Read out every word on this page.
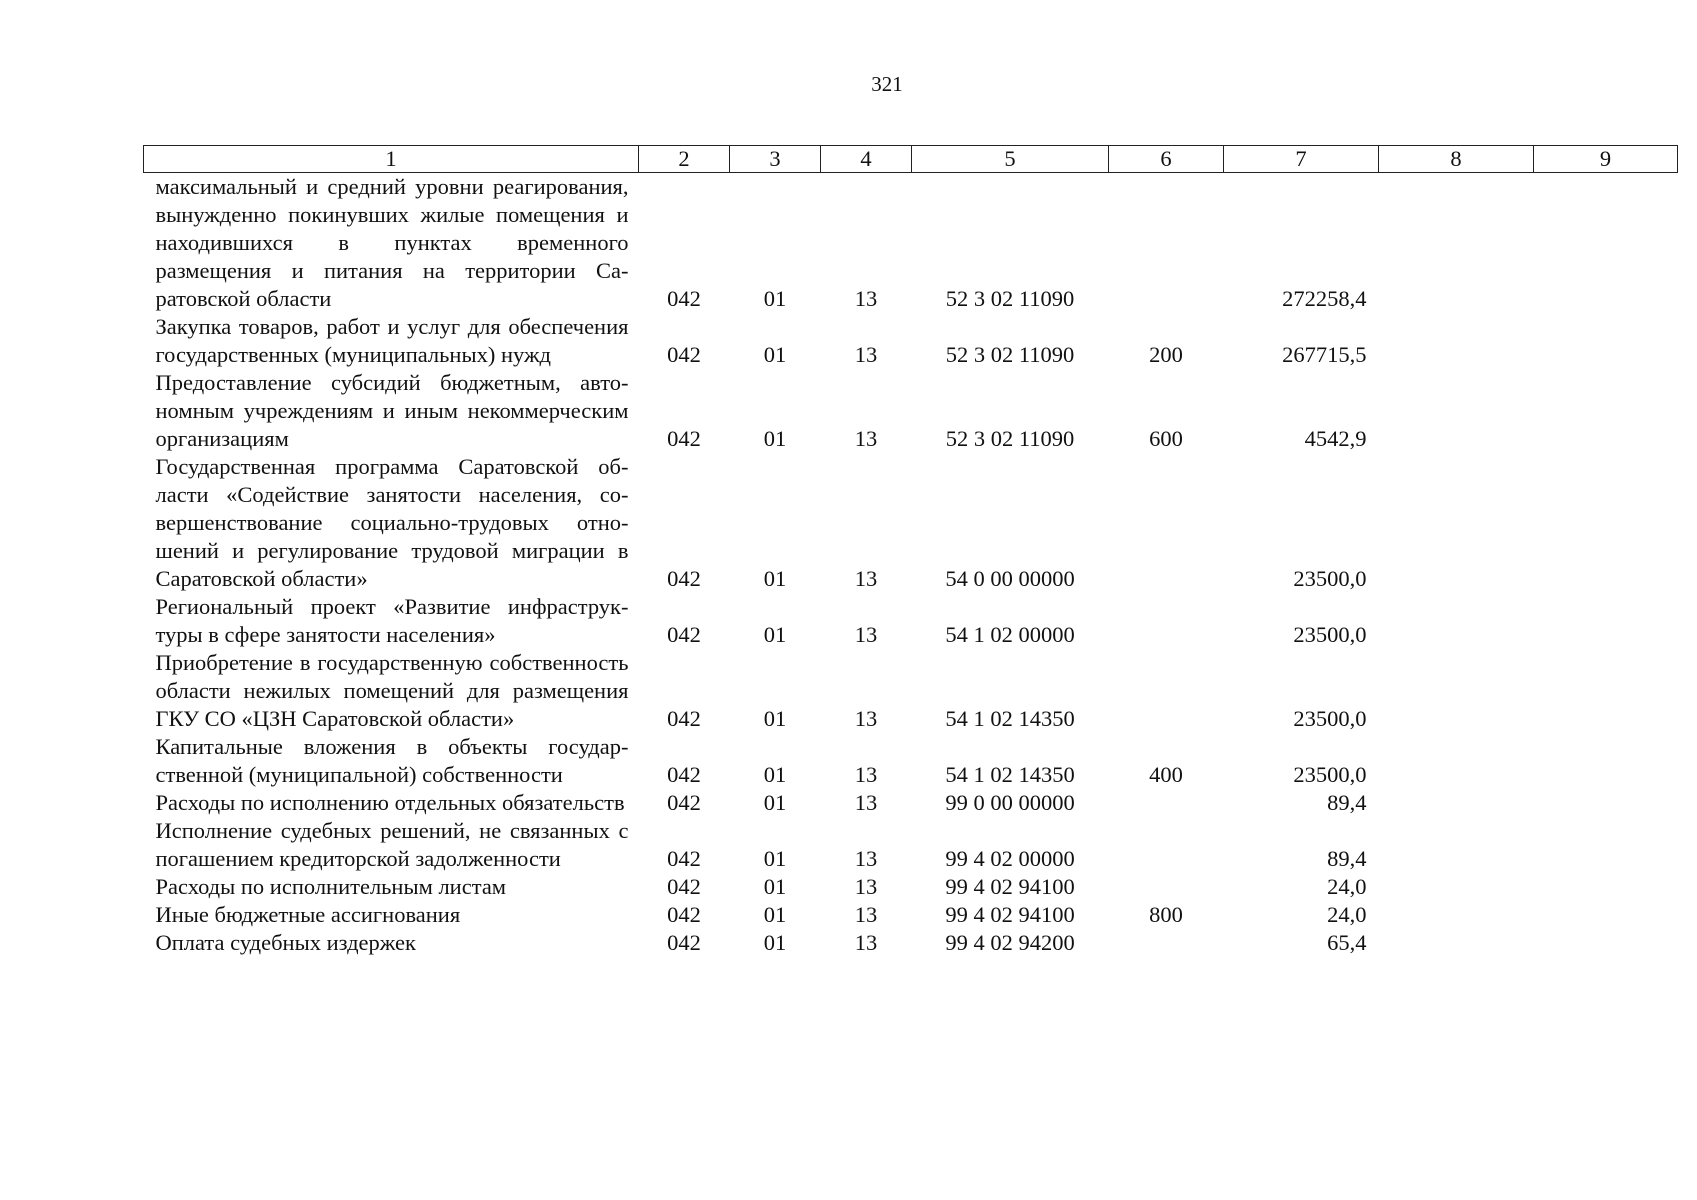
321
1	2	3	4	5	6	7	8	9
максимальный и средний уровни реагирования, вынужденно покинувших жилые помещения и находившихся в пунктах временного размещения и питания на территории Саратовской области	042	01	13	52 3 02 11090		272258,4		
Закупка товаров, работ и услуг для обеспечения государственных (муниципальных) нужд	042	01	13	52 3 02 11090	200	267715,5		
Предоставление субсидий бюджетным, автономным учреждениям и иным некоммерческим организациям	042	01	13	52 3 02 11090	600	4542,9		
Государственная программа Саратовской области «Содействие занятости населения, совершенствование социально-трудовых отношений и регулирование трудовой миграции в Саратовской области»	042	01	13	54 0 00 00000		23500,0		
Региональный проект «Развитие инфраструктуры в сфере занятости населения»	042	01	13	54 1 02 00000		23500,0		
Приобретение в государственную собственность области нежилых помещений для размещения ГКУ СО «ЦЗН Саратовской области»	042	01	13	54 1 02 14350		23500,0		
Капитальные вложения в объекты государственной (муниципальной) собственности	042	01	13	54 1 02 14350	400	23500,0		
Расходы по исполнению отдельных обязательств	042	01	13	99 0 00 00000		89,4		
Исполнение судебных решений, не связанных с погашением кредиторской задолженности	042	01	13	99 4 02 00000		89,4		
Расходы по исполнительным листам	042	01	13	99 4 02 94100		24,0		
Иные бюджетные ассигнования	042	01	13	99 4 02 94100	800	24,0		
Оплата судебных издержек	042	01	13	99 4 02 94200		65,4		
